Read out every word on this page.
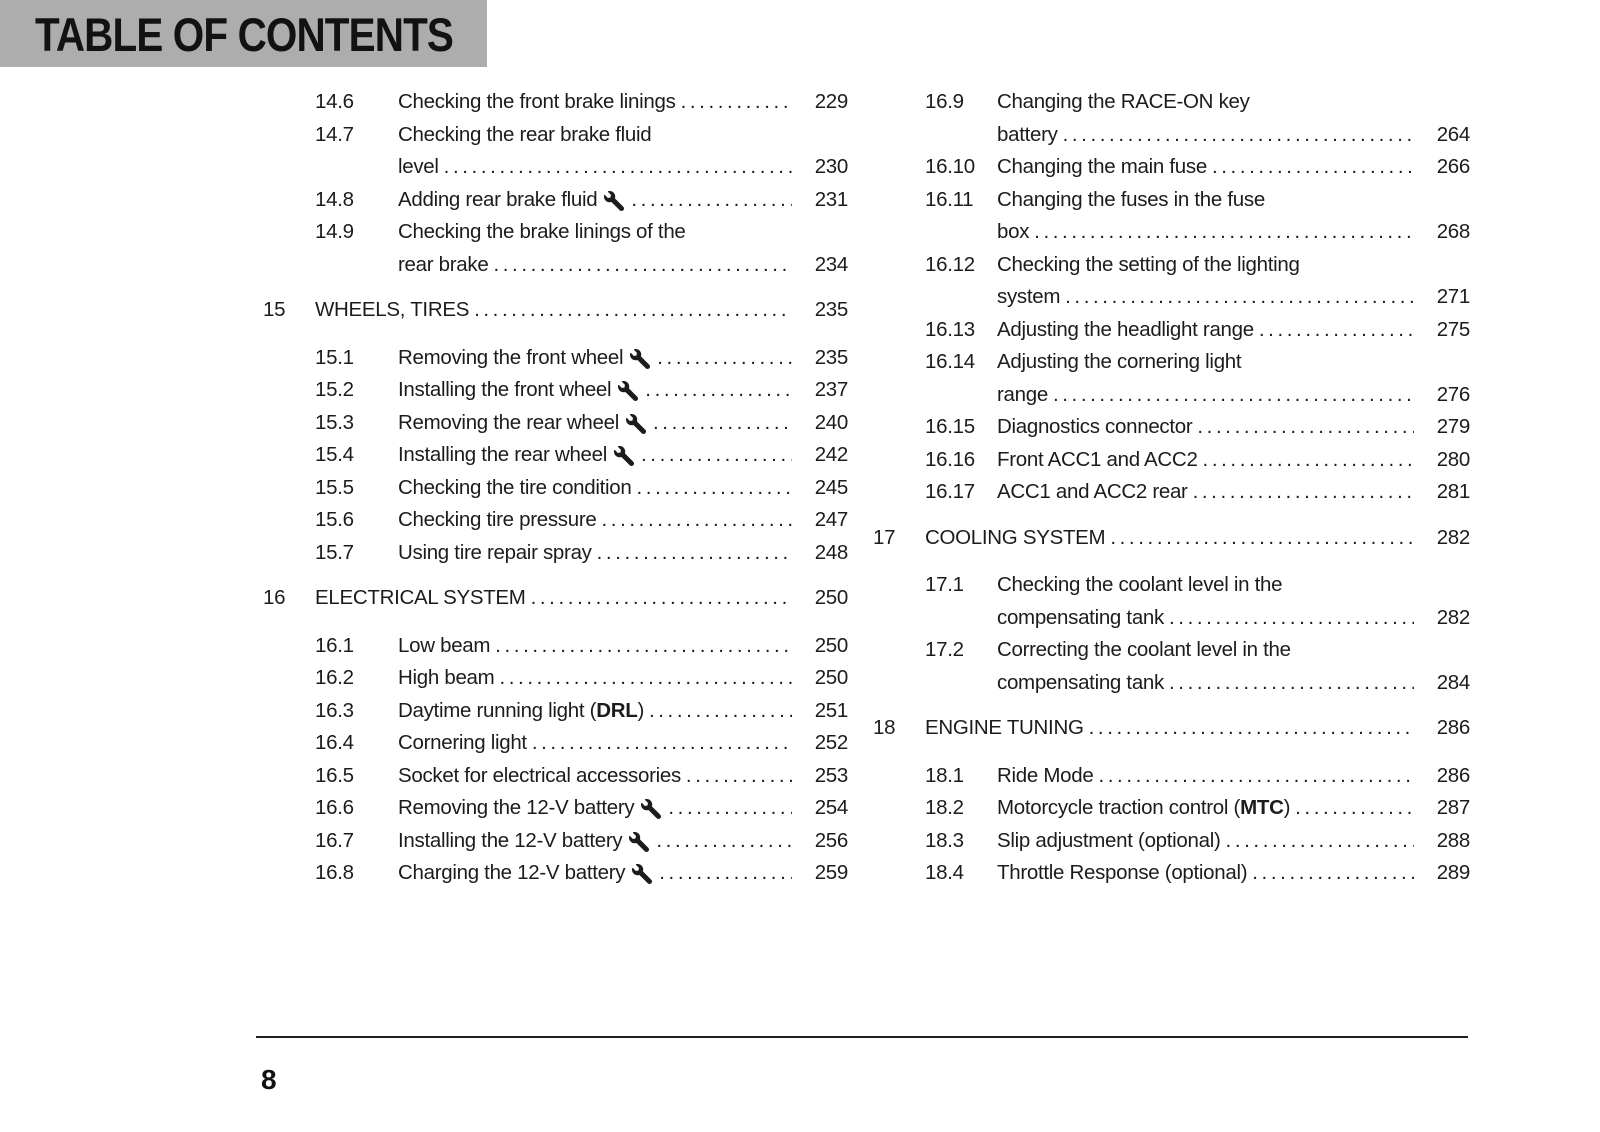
TABLE OF CONTENTS
14.6	Checking the front brake linings .....	229
14.7	Checking the rear brake fluid
level .....	230
14.8	Adding rear brake fluid .....	231
14.9	Checking the brake linings of the
rear brake .....	234
15	WHEELS, TIRES .....	235
15.1	Removing the front wheel .....	235
15.2	Installing the front wheel .....	237
15.3	Removing the rear wheel .....	240
15.4	Installing the rear wheel .....	242
15.5	Checking the tire condition .....	245
15.6	Checking tire pressure .....	247
15.7	Using tire repair spray .....	248
16	ELECTRICAL SYSTEM .....	250
16.1	Low beam .....	250
16.2	High beam .....	250
16.3	Daytime running light (DRL) .....	251
16.4	Cornering light .....	252
16.5	Socket for electrical accessories .....	253
16.6	Removing the 12-V battery .....	254
16.7	Installing the 12-V battery .....	256
16.8	Charging the 12-V battery .....	259
16.9	Changing the RACE-ON key
battery .....	264
16.10	Changing the main fuse .....	266
16.11	Changing the fuses in the fuse
box .....	268
16.12	Checking the setting of the lighting
system .....	271
16.13	Adjusting the headlight range .....	275
16.14	Adjusting the cornering light
range .....	276
16.15	Diagnostics connector .....	279
16.16	Front ACC1 and ACC2 .....	280
16.17	ACC1 and ACC2 rear .....	281
17	COOLING SYSTEM .....	282
17.1	Checking the coolant level in the
compensating tank .....	282
17.2	Correcting the coolant level in the
compensating tank .....	284
18	ENGINE TUNING .....	286
18.1	Ride Mode .....	286
18.2	Motorcycle traction control (MTC) .....	287
18.3	Slip adjustment (optional) .....	288
18.4	Throttle Response (optional) .....	289
8
